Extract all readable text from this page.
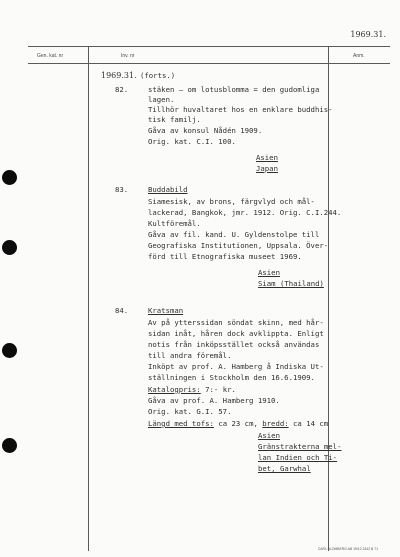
1969.31.
Gen. kat. nr	Inv. nr	Anm.
1969.31. (forts.)
82.	stäken – om lotusblomma = den gudomliga
lagen.
Tillhör huvaltaret hos en enklare buddhis-
tisk familj.
Gåva av konsul Nådén 1909.
Orig. kat. C.I. 100.
Asien
Japan
83.	Buddabild
Siamesisk, av brons, färgvlyd och mål-
lackerad, Bangkok, jmr. 1912. Orig. C.I.244.
Kultföremål.
Gåva av fil. kand. U. Gyldenstolpe till
Geografiska Institutionen, Uppsala. Över-
förd till Etnografiska museet 1969.
Asien
Siam (Thailand)
84.	Kratsman
Av på ytterssidan söndat skinn, med hår-
sidan inåt, håren dock avklippta. Enligt
notis från inköpsstället också användas
till andra föremål.
Inköpt av prof. A. Hamberg å Indiska Ut-
ställningen i Stockholm den 16.6.1909.
Katalogpris: 7:- kr.
Gåva av prof. A. Hamberg 1910.
Orig. kat. G.I. 57.
Längd med tofs: ca 23 cm, bredd: ca 14 cm
Asien
Gränstrakterna mel-
lan Indien och Ti-
bet, Garwhal
CARL BLOMBERG AB 19/12 2442 B 71
